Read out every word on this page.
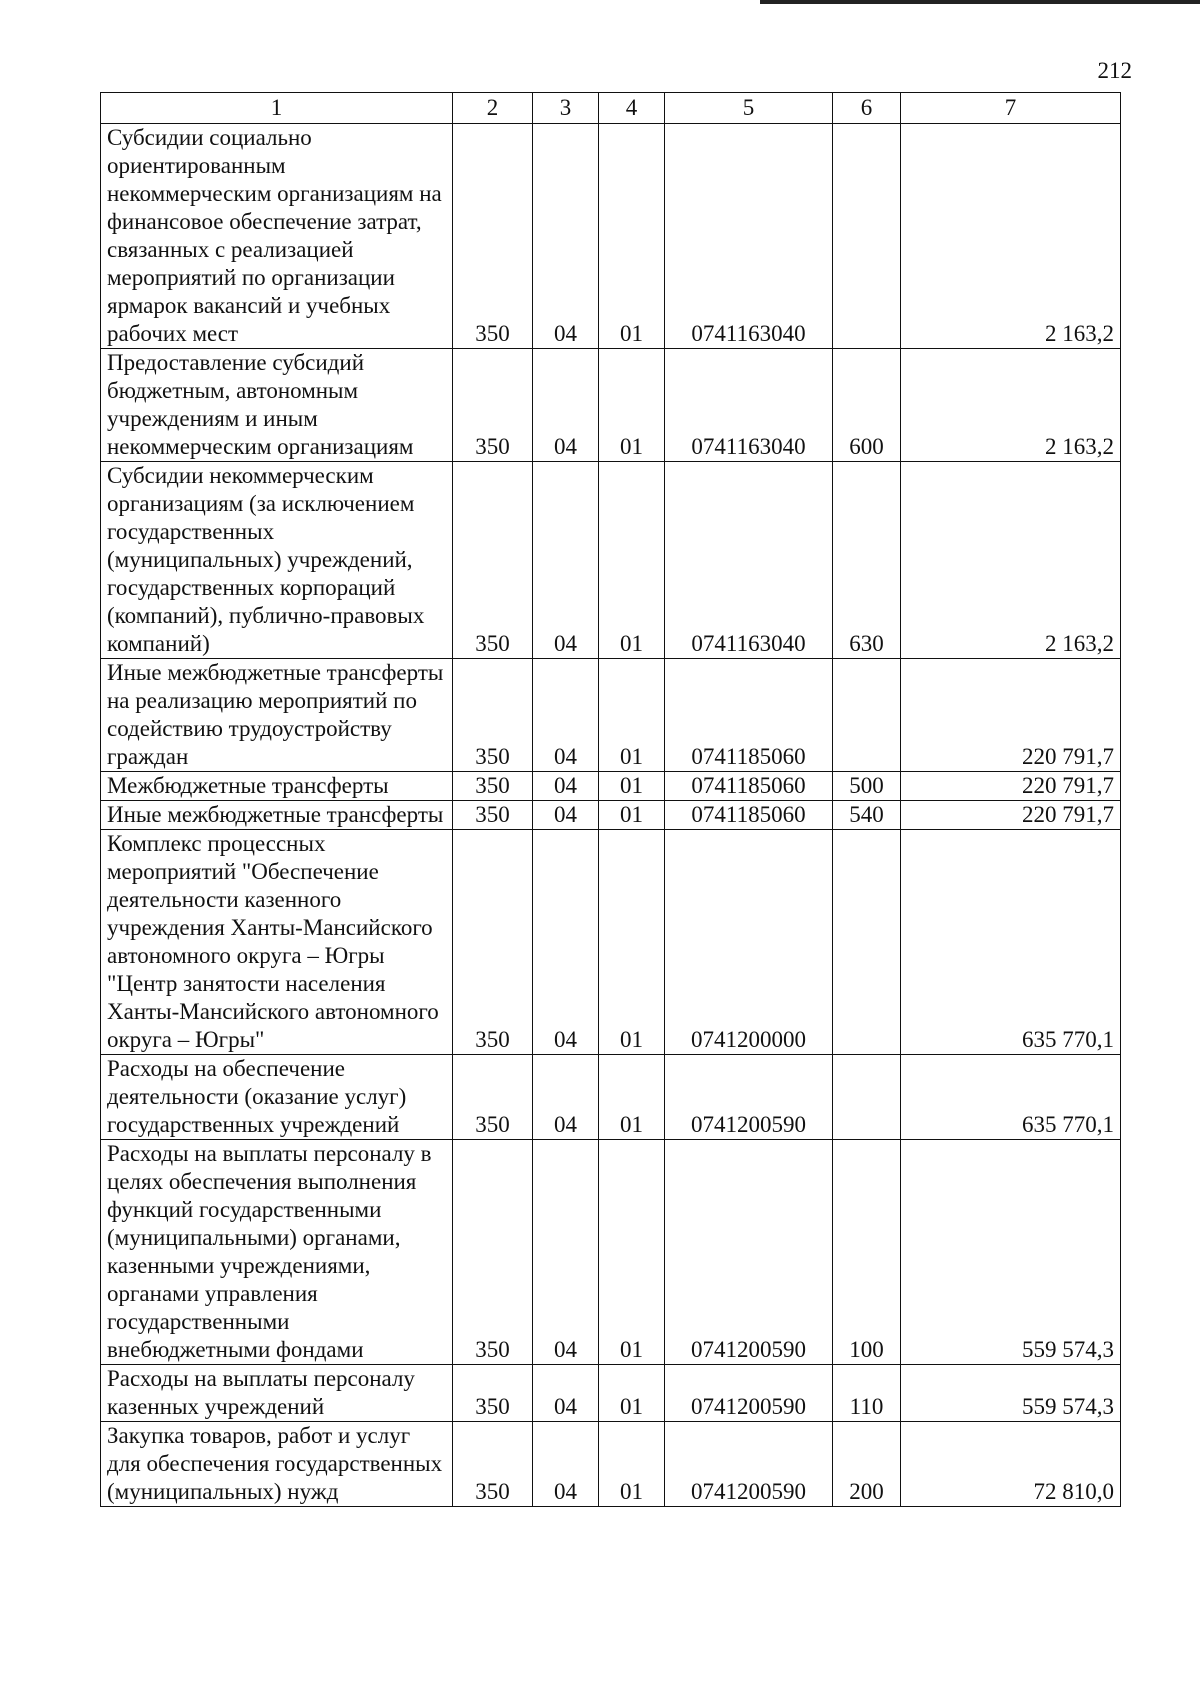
212
1	2	3	4	5	6	7
Субсидии социально ориентированным некоммерческим организациям на финансовое обеспечение затрат, связанных с реализацией мероприятий по организации ярмарок вакансий и учебных рабочих мест	350	04	01	0741163040		2 163,2
Предоставление субсидий бюджетным, автономным учреждениям и иным некоммерческим организациям	350	04	01	0741163040	600	2 163,2
Субсидии некоммерческим организациям (за исключением государственных (муниципальных) учреждений, государственных корпораций (компаний), публично-правовых компаний)	350	04	01	0741163040	630	2 163,2
Иные межбюджетные трансферты на реализацию мероприятий по содействию трудоустройству граждан	350	04	01	0741185060		220 791,7
Межбюджетные трансферты	350	04	01	0741185060	500	220 791,7
Иные межбюджетные трансферты	350	04	01	0741185060	540	220 791,7
Комплекс процессных мероприятий "Обеспечение деятельности казенного учреждения Ханты-Мансийского автономного округа – Югры "Центр занятости населения Ханты-Мансийского автономного округа – Югры"	350	04	01	0741200000		635 770,1
Расходы на обеспечение деятельности (оказание услуг) государственных учреждений	350	04	01	0741200590		635 770,1
Расходы на выплаты персоналу в целях обеспечения выполнения функций государственными (муниципальными) органами, казенными учреждениями, органами управления государственными внебюджетными фондами	350	04	01	0741200590	100	559 574,3
Расходы на выплаты персоналу казенных учреждений	350	04	01	0741200590	110	559 574,3
Закупка товаров, работ и услуг для обеспечения государственных (муниципальных) нужд	350	04	01	0741200590	200	72 810,0
